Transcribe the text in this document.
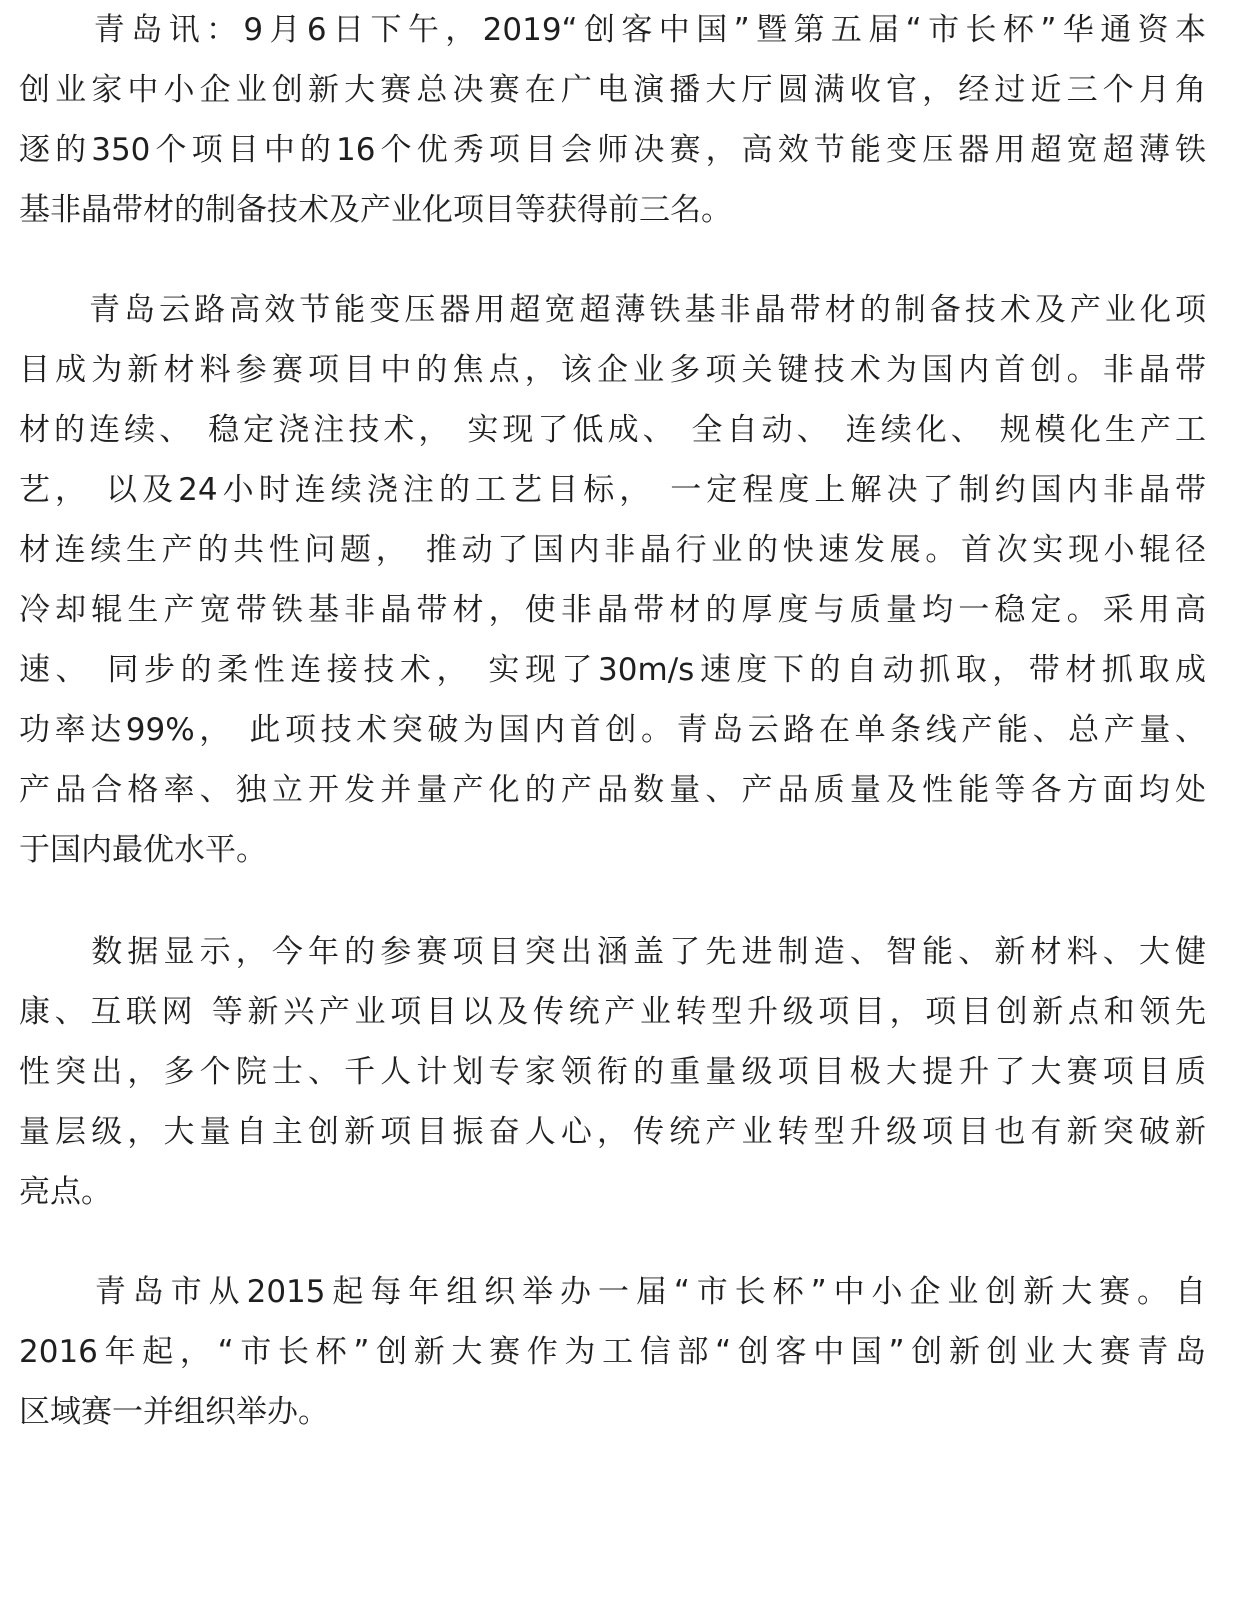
　　青岛讯：9月6日下午，2019“创客中国”暨第五届“市长杯”华通资本
创业家中小企业创新大赛总决赛在广电演播大厅圆满收官，经过近三个月角
逐的350个项目中的16个优秀项目会师决赛，高效节能变压器用超宽超薄铁
基非晶带材的制备技术及产业化项目等获得前三名。
　　青岛云路高效节能变压器用超宽超薄铁基非晶带材的制备技术及产业化项
目成为新材料参赛项目中的焦点，该企业多项关键技术为国内首创。非晶带
材的连续、 稳定浇注技术， 实现了低成、 全自动、 连续化、 规模化生产工
艺， 以及24小时连续浇注的工艺目标， 一定程度上解决了制约国内非晶带
材连续生产的共性问题， 推动了国内非晶行业的快速发展。首次实现小辊径
冷却辊生产宽带铁基非晶带材，使非晶带材的厚度与质量均一稳定。采用高
速、 同步的柔性连接技术， 实现了30m/s速度下的自动抓取，带材抓取成
功率达99%， 此项技术突破为国内首创。青岛云路在单条线产能、总产量、
产品合格率、独立开发并量产化的产品数量、产品质量及性能等各方面均处
于国内最优水平。
　　数据显示，今年的参赛项目突出涵盖了先进制造、智能、新材料、大健
康、互联网 等新兴产业项目以及传统产业转型升级项目，项目创新点和领先
性突出，多个院士、千人计划专家领衔的重量级项目极大提升了大赛项目质
量层级，大量自主创新项目振奋人心，传统产业转型升级项目也有新突破新
亮点。
　　青岛市从2015起每年组织举办一届“市长杯”中小企业创新大赛。自
2016年起，“市长杯”创新大赛作为工信部“创客中国”创新创业大赛青岛
区域赛一并组织举办。
